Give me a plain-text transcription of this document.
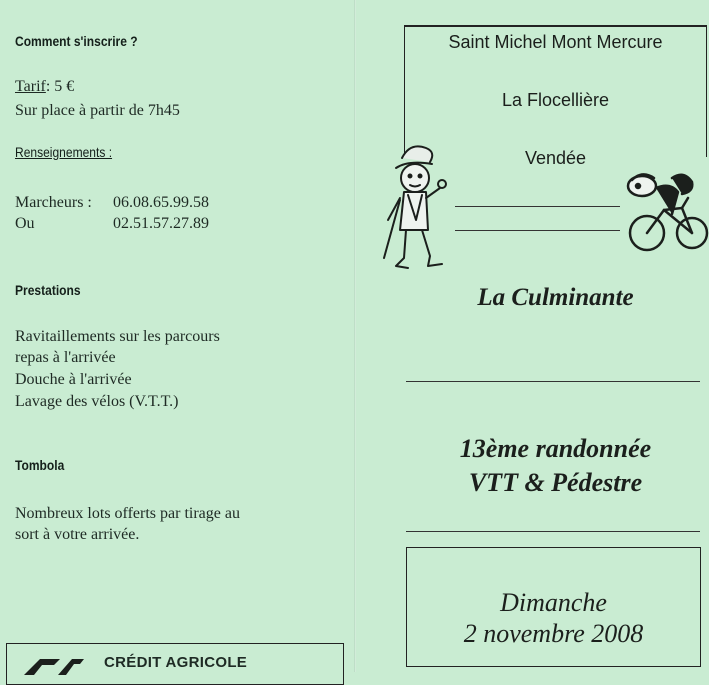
Comment s'inscrire ?
Tarif: 5 €
Sur place à partir de 7h45
Renseignements :
Marcheurs :	06.08.65.99.58
Ou	02.51.57.27.89
Prestations
Ravitaillements sur les parcours
repas à l'arrivée
Douche à l'arrivée
Lavage des vélos (V.T.T.)
Tombola
Nombreux lots offerts par tirage au
sort à votre arrivée.
CRÉDIT AGRICOLE
Saint Michel Mont Mercure
La Flocellière
Vendée
La Culminante
13ème randonnée
VTT & Pédestre
Dimanche
2 novembre 2008
